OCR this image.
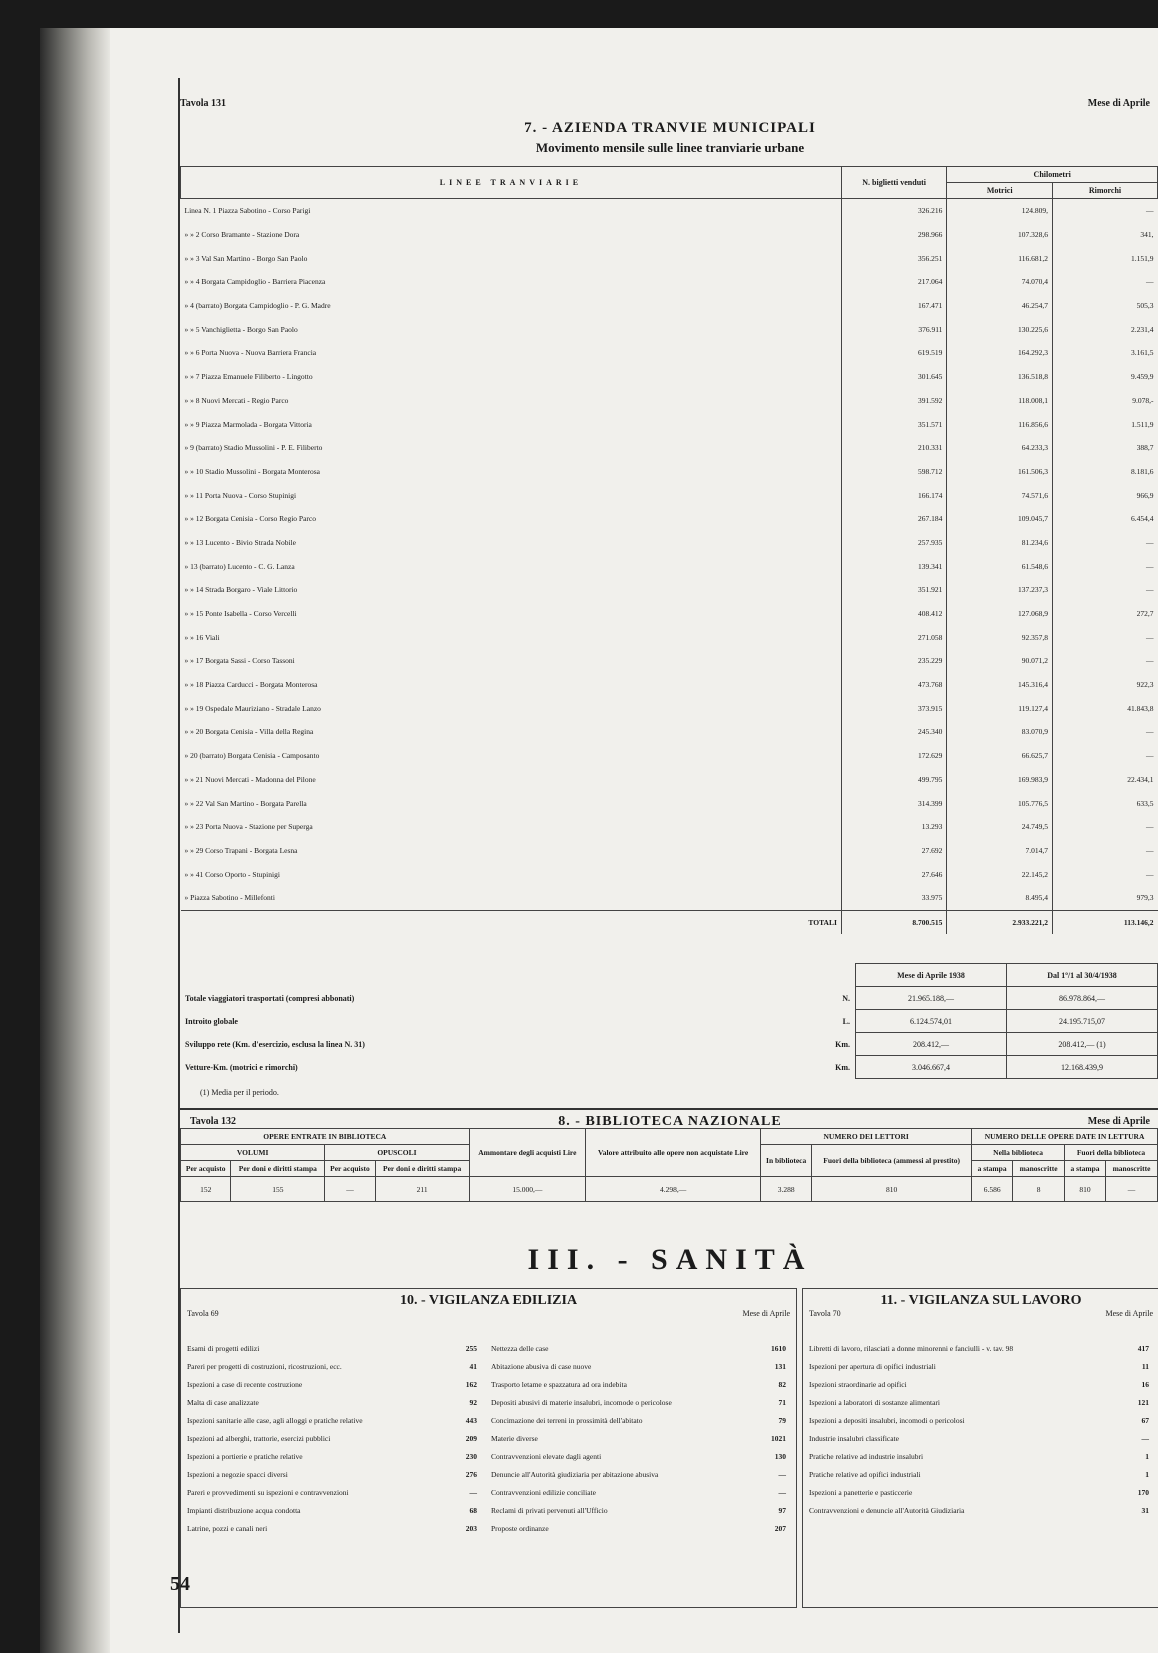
Tavola 131	Mese di Aprile
7. - AZIENDA TRANVIE MUNICIPALI
Movimento mensile sulle linee tranviarie urbane
LINEE TRANVIARIE	N. biglietti venduti	Chilometri	
		Motrici	Rimorchi
Linea N. 1 Piazza Sabotino - Corso Parigi	326.216	124.809,	—
» » 2 Corso Bramante - Stazione Dora	298.966	107.328,6	341,
» » 3 Val San Martino - Borgo San Paolo	356.251	116.681,2	1.151,9
» » 4 Borgata Campidoglio - Barriera Piacenza	217.064	74.070,4	—
» 4 (barrato) Borgata Campidoglio - P. G. Madre	167.471	46.254,7	505,3
» » 5 Vanchiglietta - Borgo San Paolo	376.911	130.225,6	2.231,4
» » 6 Porta Nuova - Nuova Barriera Francia	619.519	164.292,3	3.161,5
» » 7 Piazza Emanuele Filiberto - Lingotto	301.645	136.518,8	9.459,9
» » 8 Nuovi Mercati - Regio Parco	391.592	118.008,1	9.078,-
» » 9 Piazza Marmolada - Borgata Vittoria	351.571	116.856,6	1.511,9
» 9 (barrato) Stadio Mussolini - P. E. Filiberto	210.331	64.233,3	388,7
» » 10 Stadio Mussolini - Borgata Monterosa	598.712	161.506,3	8.181,6
» » 11 Porta Nuova - Corso Stupinigi	166.174	74.571,6	966,9
» » 12 Borgata Cenisia - Corso Regio Parco	267.184	109.045,7	6.454,4
» » 13 Lucento - Bivio Strada Nobile	257.935	81.234,6	—
» 13 (barrato) Lucento - C. G. Lanza	139.341	61.548,6	—
» » 14 Strada Borgaro - Viale Littorio	351.921	137.237,3	—
» » 15 Ponte Isabella - Corso Vercelli	408.412	127.068,9	272,7
» » 16 Viali	271.058	92.357,8	—
» » 17 Borgata Sassi - Corso Tassoni	235.229	90.071,2	—
» » 18 Piazza Carducci - Borgata Monterosa	473.768	145.316,4	922,3
» » 19 Ospedale Mauriziano - Stradale Lanzo	373.915	119.127,4	41.843,8
» » 20 Borgata Cenisia - Villa della Regina	245.340	83.070,9	—
» 20 (barrato) Borgata Cenisia - Camposanto	172.629	66.625,7	—
» » 21 Nuovi Mercati - Madonna del Pilone	499.795	169.983,9	22.434,1
» » 22 Val San Martino - Borgata Parella	314.399	105.776,5	633,5
» » 23 Porta Nuova - Stazione per Superga	13.293	24.749,5	—
» » 29 Corso Trapani - Borgata Lesna	27.692	7.014,7	—
» » 41 Corso Oporto - Stupinigi	27.646	22.145,2	—
» Piazza Sabotino - Millefonti	33.975	8.495,4	979,3
TOTALI	8.700.515	2.933.221,2	113.146,2
		Mese di Aprile 1938	Dal 1º/1 al 30/4/1938
Totale viaggiatori trasportati (compresi abbonati)	N.	21.965.188,—	86.978.864,—
Introito globale	L.	6.124.574,01	24.195.715,07
Sviluppo rete (Km. d'esercizio, esclusa la linea N. 31)	Km.	208.412,—	208.412,— (1)
Vetture-Km. (motrici e rimorchi)	Km.	3.046.667,4	12.168.439,9
(1) Media per il periodo.
Tavola 132	8. - BIBLIOTECA NAZIONALE	Mese di Aprile
OPERE ENTRATE IN BIBLIOTECA				Ammontare degli acquisti Lire	Valore attribuito alle opere non acquistate Lire	NUMERO DEI LETTORI		NUMERO DELLE OPERE DATE IN LETTURA			
VOLUMI		OPUSCOLI				In biblioteca	Fuori della biblioteca (ammessi al prestito)	Nella biblioteca		Fuori della biblioteca	
Per acquisto	Per doni e diritti stampa	Per acquisto	Per doni e diritti stampa					a stampa	manoscritte	a stampa	manoscritte
152	155	—	211	15.000,—	4.298,—	3.288	810	6.586	8	810	—
III. - SANITÀ
10. - VIGILANZA EDILIZIA
Tavola 69	Mese di Aprile
Esami di progetti edilizi	255
Pareri per progetti di costruzioni, ricostruzioni, ecc.	41
Ispezioni a case di recente costruzione	162
Malta di case analizzate	92
Ispezioni sanitarie alle case, agli alloggi e pratiche relative	443
Ispezioni ad alberghi, trattorie, esercizi pubblici	209
Ispezioni a portierie e pratiche relative	230
Ispezioni a negozie spacci diversi	276
Pareri e provvedimenti su ispezioni e contravvenzioni	—
Impianti distribuzione acqua condotta	68
Latrine, pozzi e canali neri	203
Nettezza delle case	1610
Abitazione abusiva di case nuove	131
Trasporto letame e spazzatura ad ora indebita	82
Depositi abusivi di materie insalubri, incomode o pericolose	71
Concimazione dei terreni in prossimità dell'abitato	79
Materie diverse	1021
Contravvenzioni elevate dagli agenti	130
Denuncie all'Autorità giudiziaria per abitazione abusiva	—
Contravvenzioni edilizie conciliate	—
Reclami di privati pervenuti all'Ufficio	97
Proposte ordinanze	207
11. - VIGILANZA SUL LAVORO
Tavola 70	Mese di Aprile
Libretti di lavoro, rilasciati a donne minorenni e fanciulli - v. tav. 98	417
Ispezioni per apertura di opifici industriali	11
Ispezioni straordinarie ad opifici	16
Ispezioni a laboratori di sostanze alimentari	121
Ispezioni a depositi insalubri, incomodi o pericolosi	67
Industrie insalubri classificate	—
Pratiche relative ad industrie insalubri	1
Pratiche relative ad opifici industriali	1
Ispezioni a panetterie e pasticcerie	170
Contravvenzioni e denuncie all'Autorità Giudiziaria	31
54
